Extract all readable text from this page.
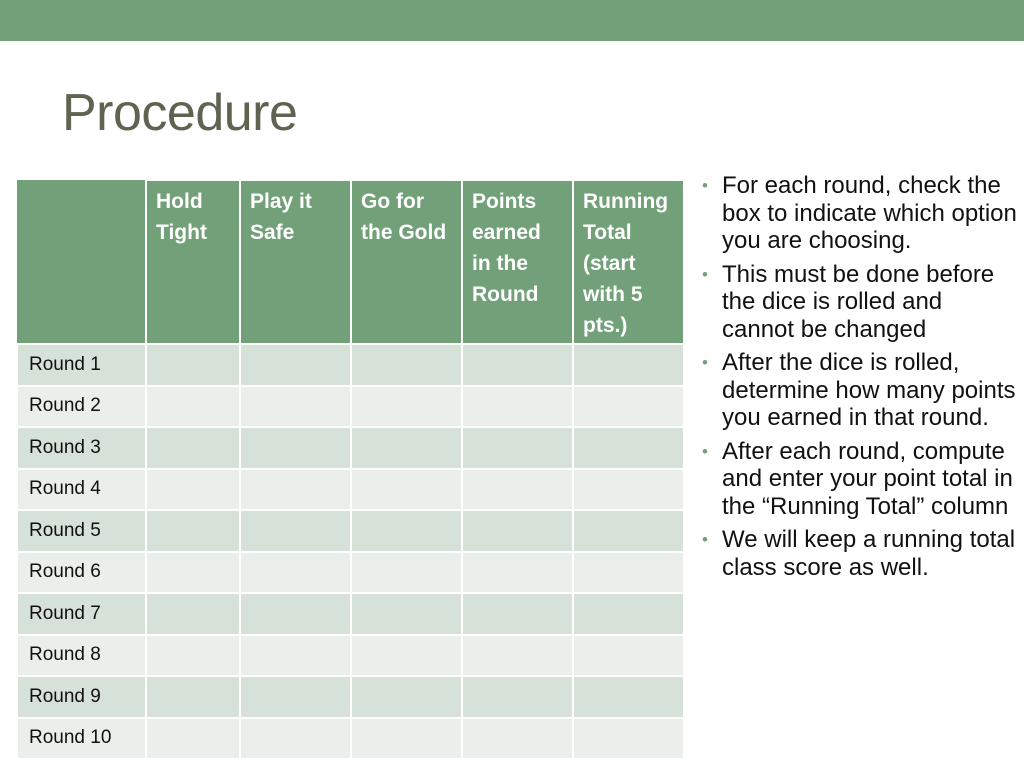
Procedure
	Hold Tight	Play it Safe	Go for the Gold	Points earned in the Round	Running Total (start with 5 pts.)
Round 1					
Round 2					
Round 3					
Round 4					
Round 5					
Round 6					
Round 7					
Round 8					
Round 9					
Round 10					
• For each round, check the box to indicate which option you are choosing.
• This must be done before the dice is rolled and cannot be changed
• After the dice is rolled, determine how many points you earned in that round.
• After each round, compute and enter your point total in the “Running Total” column
• We will keep a running total class score as well.
